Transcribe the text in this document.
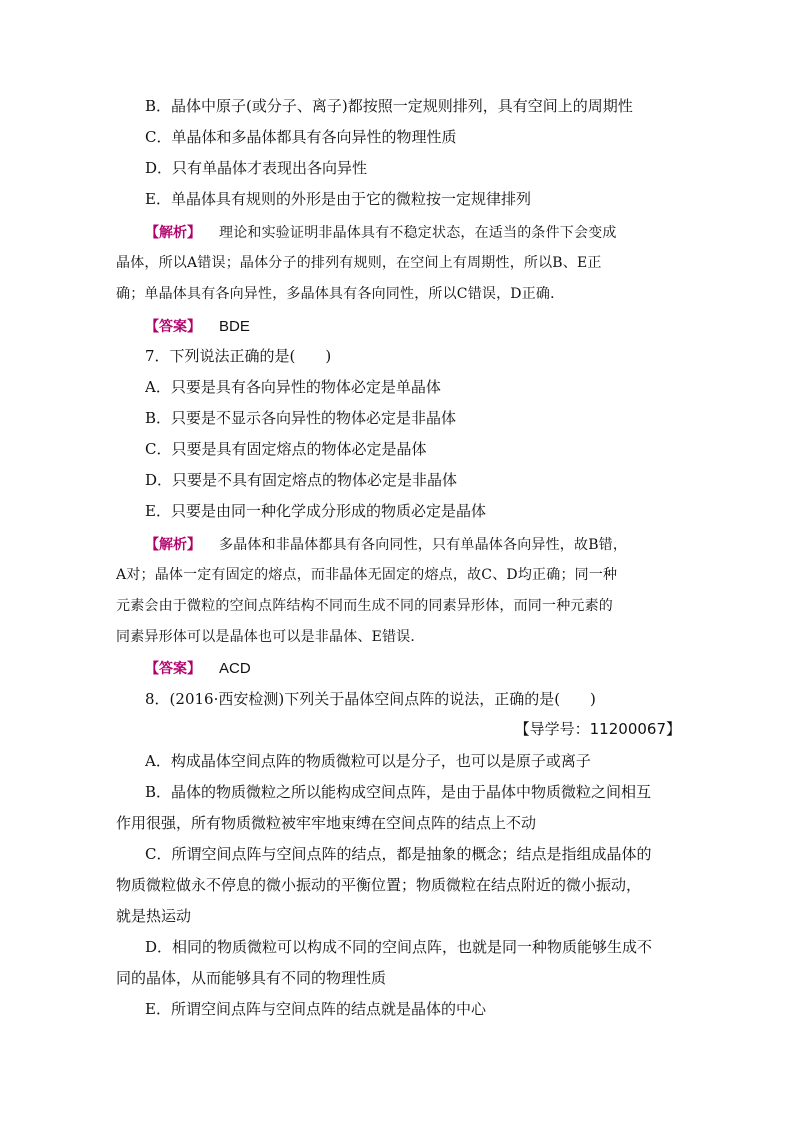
B．晶体中原子(或分子、离子)都按照一定规则排列，具有空间上的周期性
C．单晶体和多晶体都具有各向异性的物理性质
D．只有单晶体才表现出各向异性
E．单晶体具有规则的外形是由于它的微粒按一定规律排列
【解析】 理论和实验证明非晶体具有不稳定状态，在适当的条件下会变成
晶体，所以A错误；晶体分子的排列有规则，在空间上有周期性，所以B、E正
确；单晶体具有各向异性，多晶体具有各向同性，所以C错误，D正确．
【答案】 BDE
7．下列说法正确的是(　　)
A．只要是具有各向异性的物体必定是单晶体
B．只要是不显示各向异性的物体必定是非晶体
C．只要是具有固定熔点的物体必定是晶体
D．只要是不具有固定熔点的物体必定是非晶体
E．只要是由同一种化学成分形成的物质必定是晶体
【解析】 多晶体和非晶体都具有各向同性，只有单晶体各向异性，故B错，
A对；晶体一定有固定的熔点，而非晶体无固定的熔点，故C、D均正确；同一种
元素会由于微粒的空间点阵结构不同而生成不同的同素异形体，而同一种元素的
同素异形体可以是晶体也可以是非晶体、E错误．
【答案】 ACD
8．(2016·西安检测)下列关于晶体空间点阵的说法，正确的是(　　)
【导学号：11200067】
A．构成晶体空间点阵的物质微粒可以是分子，也可以是原子或离子
B．晶体的物质微粒之所以能构成空间点阵，是由于晶体中物质微粒之间相互
作用很强，所有物质微粒被牢牢地束缚在空间点阵的结点上不动
C．所谓空间点阵与空间点阵的结点，都是抽象的概念；结点是指组成晶体的
物质微粒做永不停息的微小振动的平衡位置；物质微粒在结点附近的微小振动，
就是热运动
D．相同的物质微粒可以构成不同的空间点阵，也就是同一种物质能够生成不
同的晶体，从而能够具有不同的物理性质
E．所谓空间点阵与空间点阵的结点就是晶体的中心
